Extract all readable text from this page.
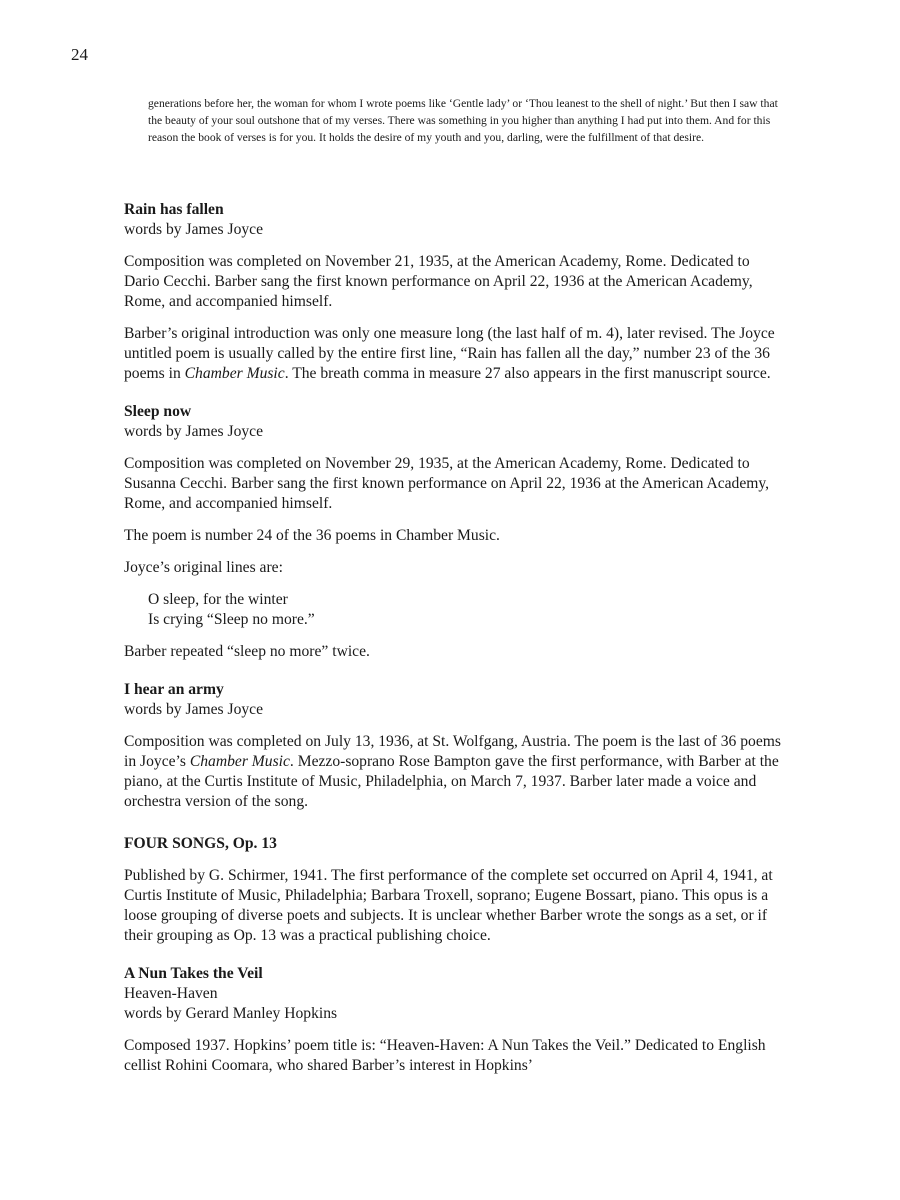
24
generations before her, the woman for whom I wrote poems like ‘Gentle lady’ or ‘Thou leanest to the shell of night.’ But then I saw that the beauty of your soul outshone that of my verses. There was something in you higher than anything I had put into them. And for this reason the book of verses is for you. It holds the desire of my youth and you, darling, were the fulfillment of that desire.

Rain has fallen

words by James Joyce

Composition was completed on November 21, 1935, at the American Academy, Rome. Dedicated to Dario Cecchi. Barber sang the first known performance on April 22, 1936 at the American Academy, Rome, and accompanied himself.

Barber’s original introduction was only one measure long (the last half of m. 4), later revised. The Joyce untitled poem is usually called by the entire first line, “Rain has fallen all the day,” number 23 of the 36 poems in Chamber Music. The breath comma in measure 27 also appears in the first manuscript source.

Sleep now

words by James Joyce

Composition was completed on November 29, 1935, at the American Academy, Rome. Dedicated to Susanna Cecchi. Barber sang the first known performance on April 22, 1936 at the American Academy, Rome, and accompanied himself.

The poem is number 24 of the 36 poems in Chamber Music.

Joyce’s original lines are:

O sleep, for the winter
Is crying “Sleep no more.”

Barber repeated “sleep no more” twice.

I hear an army

words by James Joyce

Composition was completed on July 13, 1936, at St. Wolfgang, Austria. The poem is the last of 36 poems in Joyce’s Chamber Music. Mezzo-soprano Rose Bampton gave the first performance, with Barber at the piano, at the Curtis Institute of Music, Philadelphia, on March 7, 1937. Barber later made a voice and orchestra version of the song.

FOUR SONGS, Op. 13

Published by G. Schirmer, 1941. The first performance of the complete set occurred on April 4, 1941, at Curtis Institute of Music, Philadelphia; Barbara Troxell, soprano; Eugene Bossart, piano. This opus is a loose grouping of diverse poets and subjects. It is unclear whether Barber wrote the songs as a set, or if their grouping as Op. 13 was a practical publishing choice.

A Nun Takes the Veil

Heaven-Haven

words by Gerard Manley Hopkins

Composed 1937. Hopkins’ poem title is: “Heaven-Haven: A Nun Takes the Veil.” Dedicated to English cellist Rohini Coomara, who shared Barber’s interest in Hopkins’
